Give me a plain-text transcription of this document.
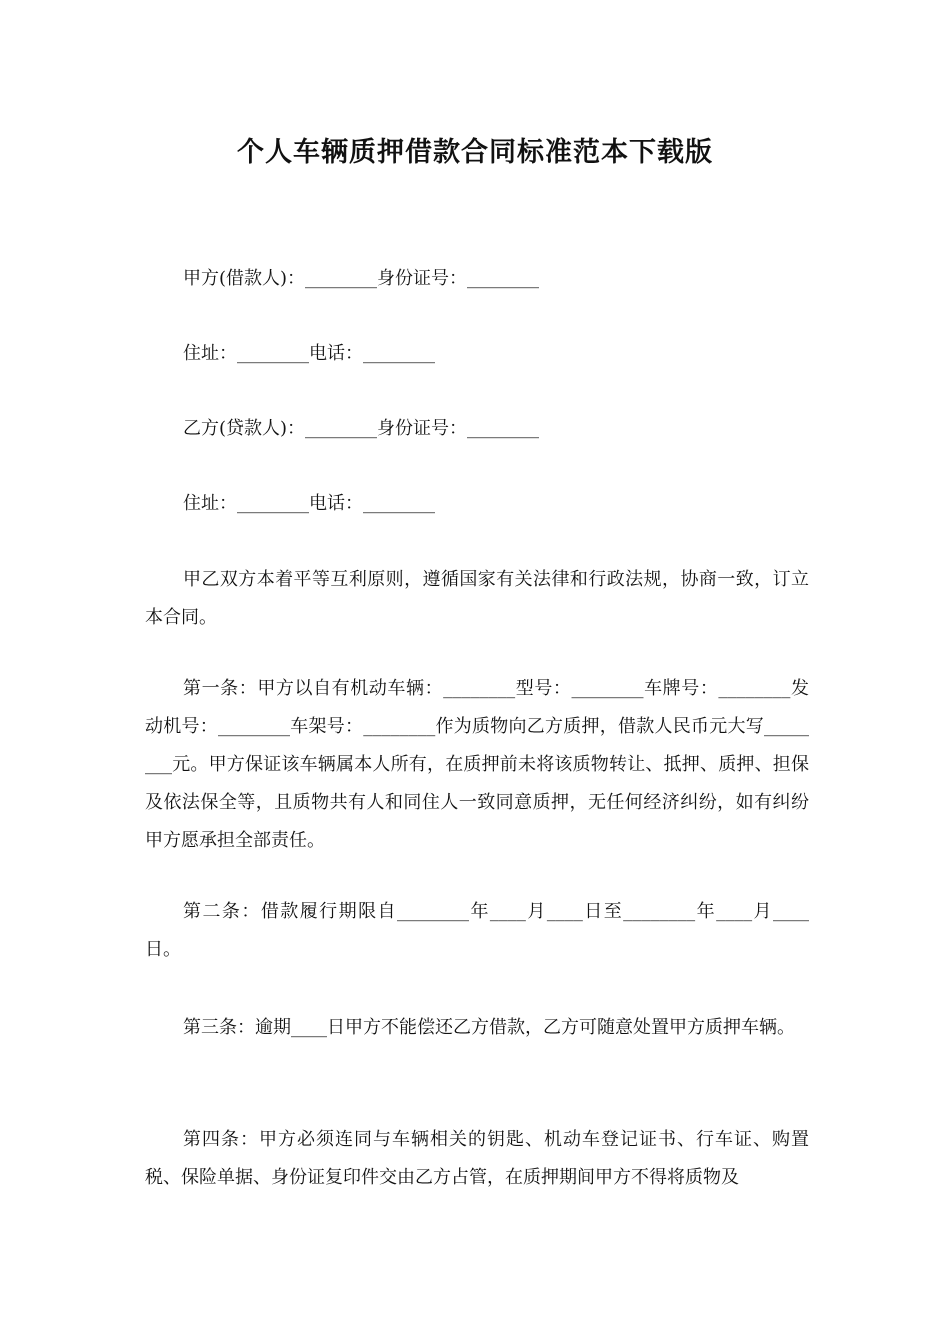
个人车辆质押借款合同标准范本下载版
甲方(借款人)：________身份证号：________
住址：________电话：________
乙方(贷款人)：________身份证号：________
住址：________电话：________
甲乙双方本着平等互利原则，遵循国家有关法律和行政法规，协商一致，订立本合同。
第一条：甲方以自有机动车辆：________型号：________车牌号：________发动机号：________车架号：________作为质物向乙方质押，借款人民币元大写________元。甲方保证该车辆属本人所有，在质押前未将该质物转让、抵押、质押、担保及依法保全等，且质物共有人和同住人一致同意质押，无任何经济纠纷，如有纠纷甲方愿承担全部责任。
第二条：借款履行期限自________年____月____日至________年____月____日。
第三条：逾期____日甲方不能偿还乙方借款，乙方可随意处置甲方质押车辆。
第四条：甲方必须连同与车辆相关的钥匙、机动车登记证书、行车证、购置税、保险单据、身份证复印件交由乙方占管，在质押期间甲方不得将质物及
